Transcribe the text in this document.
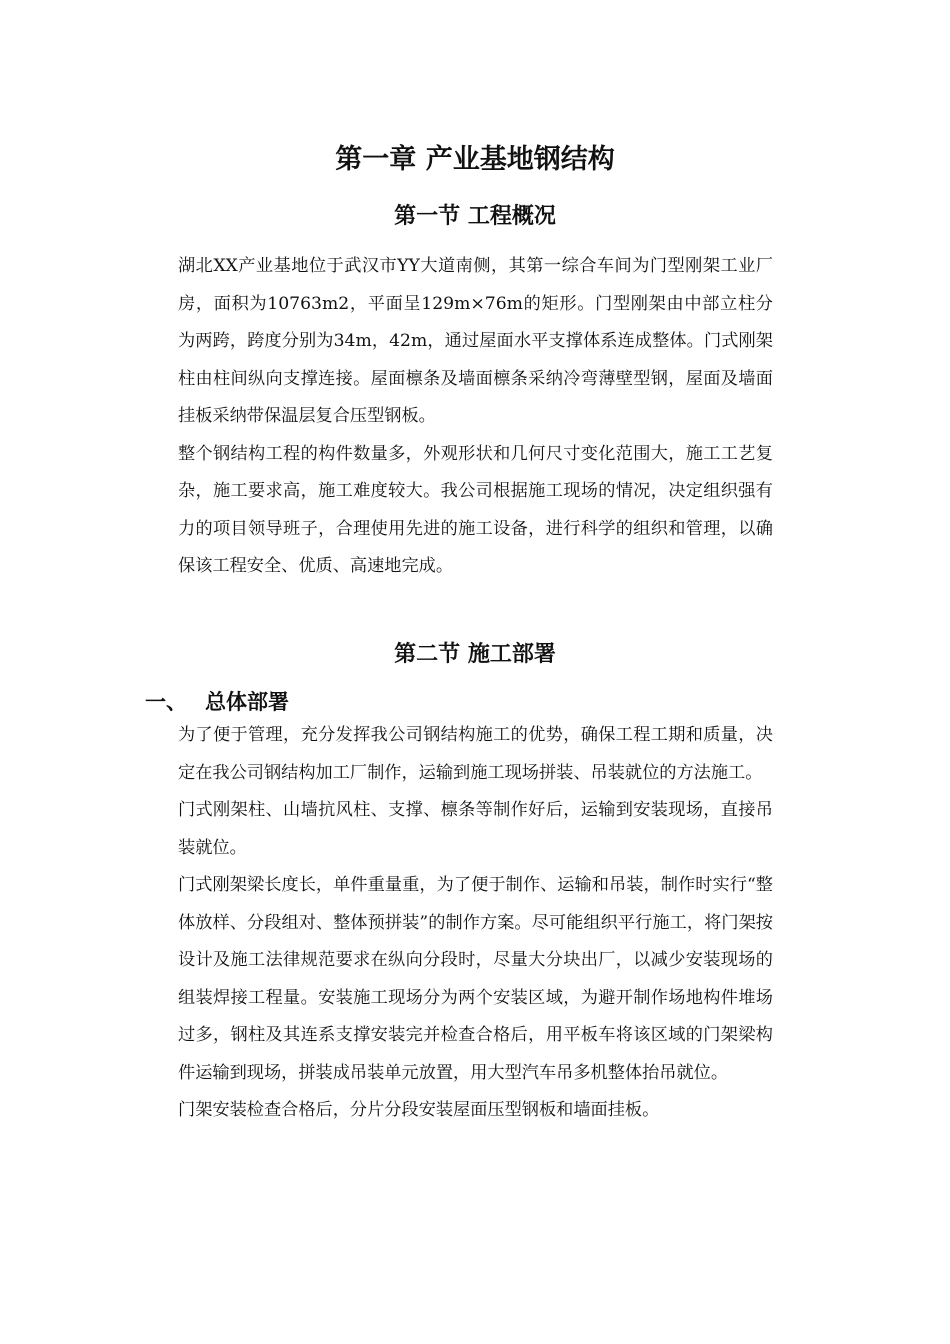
第一章 产业基地钢结构
第一节 工程概况

湖北XX产业基地位于武汉市YY大道南侧，其第一综合车间为门型刚架工业厂房，面积为10763m2，平面呈129m×76m的矩形。门型刚架由中部立柱分为两跨，跨度分别为34m，42m，通过屋面水平支撑体系连成整体。门式刚架柱由柱间纵向支撑连接。屋面檩条及墙面檩条采纳冷弯薄壁型钢，屋面及墙面挂板采纳带保温层复合压型钢板。

整个钢结构工程的构件数量多，外观形状和几何尺寸变化范围大，施工工艺复杂，施工要求高，施工难度较大。我公司根据施工现场的情况，决定组织强有力的项目领导班子，合理使用先进的施工设备，进行科学的组织和管理，以确保该工程安全、优质、高速地完成。

第二节 施工部署
一、 总体部署

为了便于管理，充分发挥我公司钢结构施工的优势，确保工程工期和质量，决定在我公司钢结构加工厂制作，运输到施工现场拼装、吊装就位的方法施工。

门式刚架柱、山墙抗风柱、支撑、檩条等制作好后，运输到安装现场，直接吊装就位。

门式刚架梁长度长，单件重量重，为了便于制作、运输和吊装，制作时实行“整体放样、分段组对、整体预拼装”的制作方案。尽可能组织平行施工，将门架按设计及施工法律规范要求在纵向分段时，尽量大分块出厂，以减少安装现场的组装焊接工程量。安装施工现场分为两个安装区域，为避开制作场地构件堆场过多，钢柱及其连系支撑安装完并检查合格后，用平板车将该区域的门架梁构件运输到现场，拼装成吊装单元放置，用大型汽车吊多机整体抬吊就位。

门架安装检查合格后，分片分段安装屋面压型钢板和墙面挂板。
